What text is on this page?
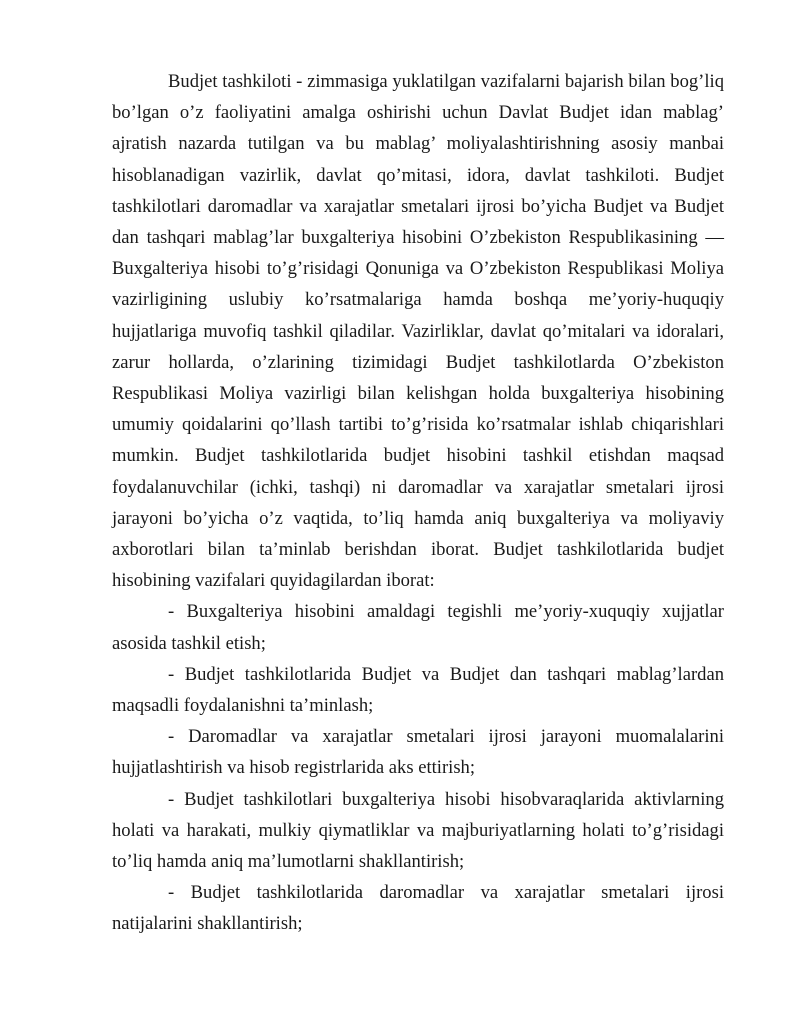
Budjet tashkiloti - zimmasiga yuklatilgan vazifalarni bajarish bilan bog’liq bo’lgan o’z faoliyatini amalga oshirishi uchun Davlat Budjet idan mablag’ ajratish nazarda tutilgan va bu mablag’ moliyalashtirishning asosiy manbai hisoblanadigan vazirlik, davlat qo’mitasi, idora, davlat tashkiloti. Budjet tashkilotlari daromadlar va xarajatlar smetalari ijrosi bo’yicha Budjet va Budjet dan tashqari mablag’lar buxgalteriya hisobini O’zbekiston Respublikasining — Buxgalteriya hisobi to’g’risidagi Qonuniga va O’zbekiston Respublikasi Moliya vazirligining uslubiy ko’rsatmalariga hamda boshqa me’yoriy-huquqiy hujjatlariga muvofiq tashkil qiladilar. Vazirliklar, davlat qo’mitalari va idoralari, zarur hollarda, o’zlarining tizimidagi Budjet tashkilotlarda O’zbekiston Respublikasi Moliya vazirligi bilan kelishgan holda buxgalteriya hisobining umumiy qoidalarini qo’llash tartibi to’g’risida ko’rsatmalar ishlab chiqarishlari mumkin. Budjet tashkilotlarida budjet hisobini tashkil etishdan maqsad foydalanuvchilar (ichki, tashqi) ni daromadlar va xarajatlar smetalari ijrosi jarayoni bo’yicha o’z vaqtida, to’liq hamda aniq buxgalteriya va moliyaviy axborotlari bilan ta’minlab berishdan iborat. Budjet tashkilotlarida budjet hisobining vazifalari quyidagilardan iborat:

- Buxgalteriya hisobini amaldagi tegishli me’yoriy-xuquqiy xujjatlar asosida tashkil etish;

- Budjet tashkilotlarida Budjet va Budjet dan tashqari mablag’lardan maqsadli foydalanishni ta’minlash;

- Daromadlar va xarajatlar smetalari ijrosi jarayoni muomalalarini hujjatlashtirish va hisob registrlarida aks ettirish;

- Budjet tashkilotlari buxgalteriya hisobi hisobvaraqlarida aktivlarning holati va harakati, mulkiy qiymatliklar va majburiyatlarning holati to’g’risidagi to’liq hamda aniq ma’lumotlarni shakllantirish;

- Budjet tashkilotlarida daromadlar va xarajatlar smetalari ijrosi natijalarini shakllantirish;
